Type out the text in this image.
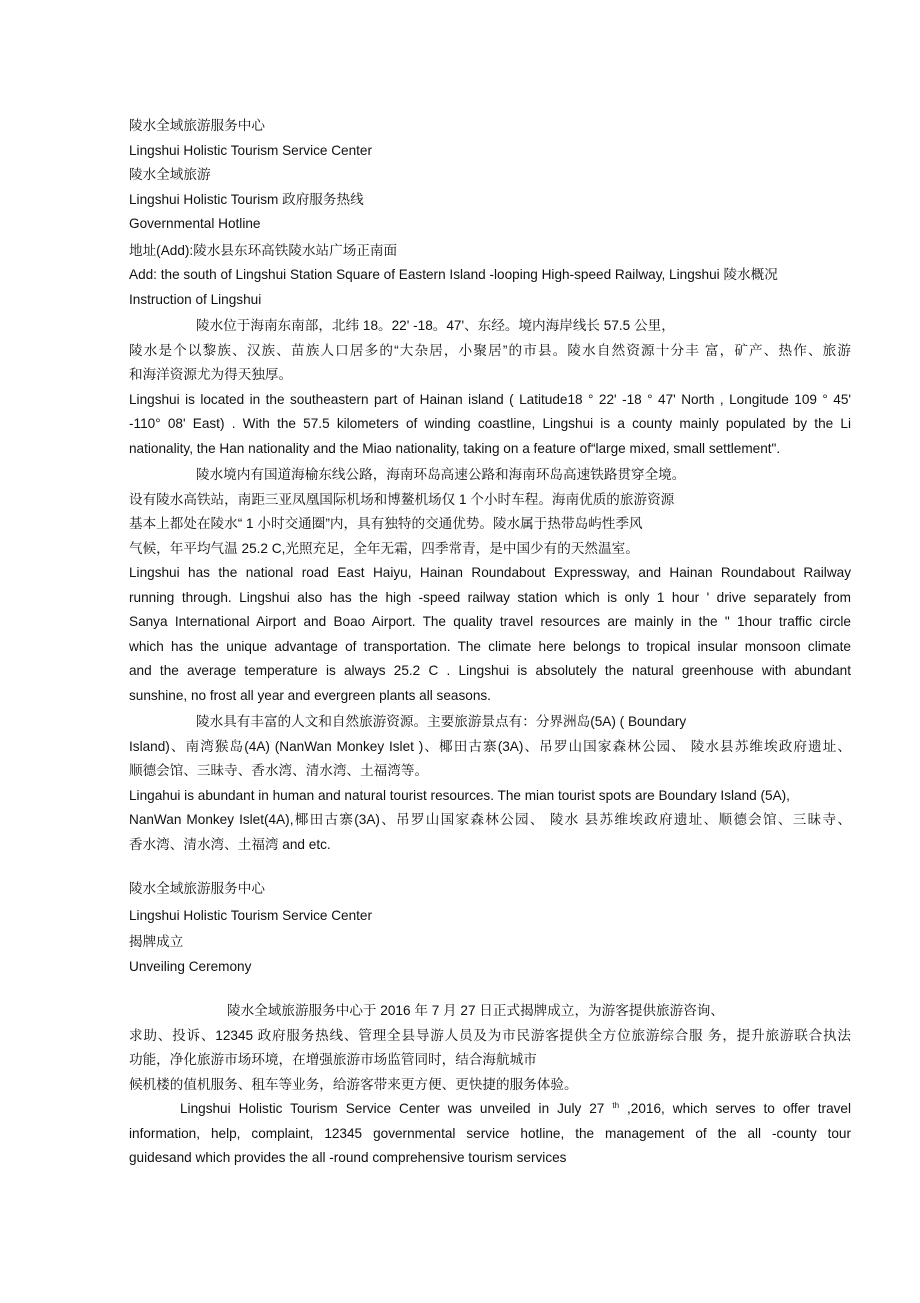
陵水全域旅游服务中心
Lingshui Holistic Tourism Service Center
陵水全域旅游
Lingshui Holistic Tourism 政府服务热线
Governmental Hotline
地址(Add):陵水县东环高铁陵水站广场正南面
Add: the south of Lingshui Station Square of Eastern Island -looping High-speed Railway, Lingshui 陵水概况
Instruction of Lingshui
陵水位于海南东南部，北纬 18。22' -18。47'、东经。境内海岸线长 57.5 公里，
陵水是个以黎族、汉族、苗族人口居多的“大杂居，小聚居”的市县。陵水自然资源十分丰 富，矿产、热作、旅游
和海洋资源尤为得天独厚。
Lingshui is located in the southeastern part of Hainan island ( Latitude18 ° 22' -18 ° 47' North , Longitude 109 ° 45'
-110° 08' East) . With the 57.5 kilometers of winding coastline, Lingshui is a county mainly populated by the Li
nationality, the Han nationality and the Miao nationality, taking on a feature of“large mixed, small settlement".
陵水境内有国道海榆东线公路，海南环岛高速公路和海南环岛高速铁路贯穿全境。
设有陵水高铁站，南距三亚凤凰国际机场和博鳌机场仅 1 个小时车程。海南优质的旅游资源
基本上都处在陵水“ 1 小时交通圈”内，具有独特的交通优势。陵水属于热带岛屿性季风
气候，年平均气温 25.2 C,光照充足，全年无霜，四季常青，是中国少有的天然温室。
Lingshui has the national road East Haiyu, Hainan Roundabout Expressway, and Hainan Roundabout Railway
running through. Lingshui also has the high -speed railway station which is only 1 hour ' drive separately from
Sanya International Airport and Boao Airport. The quality travel resources are mainly in the " 1hour traffic circle
which has the unique advantage of transportation. The climate here belongs to tropical insular monsoon climate
and the average temperature is always 25.2 C . Lingshui is absolutely the natural greenhouse with abundant
sunshine, no frost all year and evergreen plants all seasons.
陵水具有丰富的人文和自然旅游资源。主要旅游景点有：分界洲岛(5A) ( Boundary
Island)、南湾猴岛(4A) (NanWan Monkey Islet )、椰田古寨(3A)、吊罗山国家森林公园、 陵水县苏维埃政府遗址、
顺德会馆、三昧寺、香水湾、清水湾、土福湾等。
Lingahui is abundant in human and natural tourist resources. The mian tourist spots are Boundary Island (5A),
NanWan Monkey Islet(4A),椰田古寨(3A)、吊罗山国家森林公园、 陵水 县苏维埃政府遗址、顺德会馆、三昧寺、
香水湾、清水湾、土福湾 and etc.
陵水全域旅游服务中心
Lingshui Holistic Tourism Service Center
揭牌成立
Unveiling Ceremony
陵水全域旅游服务中心于 2016 年 7 月 27 日正式揭牌成立，为游客提供旅游咨询、
求助、投诉、12345 政府服务热线、管理全县导游人员及为市民游客提供全方位旅游综合服 务，提升旅游联合执法
功能，净化旅游市场环境，在增强旅游市场监管同时，结合海航城市
候机楼的值机服务、租车等业务，给游客带来更方便、更快捷的服务体验。
Lingshui Holistic Tourism Service Center was unveiled in July 27 $^{th}$ ,2016, which serves to offer travel
information, help, complaint, 12345 governmental service hotline, the management of the all -county tour
guidesand which provides the all -round comprehensive tourism services
